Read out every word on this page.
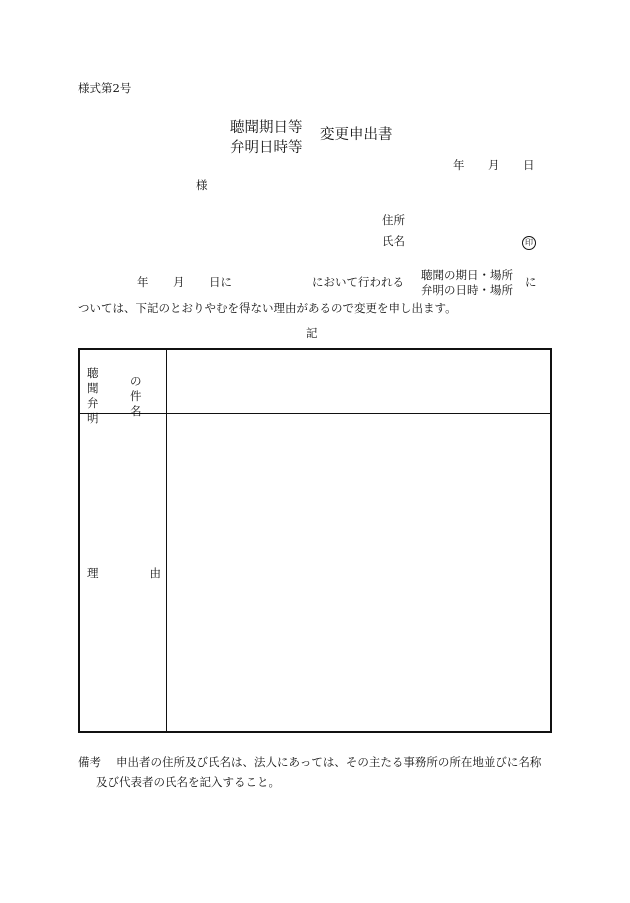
様式第2号
聴聞期日等
弁明日時等
変更申出書
年 月 日
様
住所
氏名	印
年 月 日に	において行われる 聴聞の期日・場所
弁明の日時・場所
に
ついては、下記のとおりやむを得ない理由があるので変更を申し出ます。
記
聴聞
弁明
の件名	

理 由	

備考 申出者の住所及び氏名は、法人にあっては、その主たる事務所の所在地並びに名称
及び代表者の氏名を記入すること。
